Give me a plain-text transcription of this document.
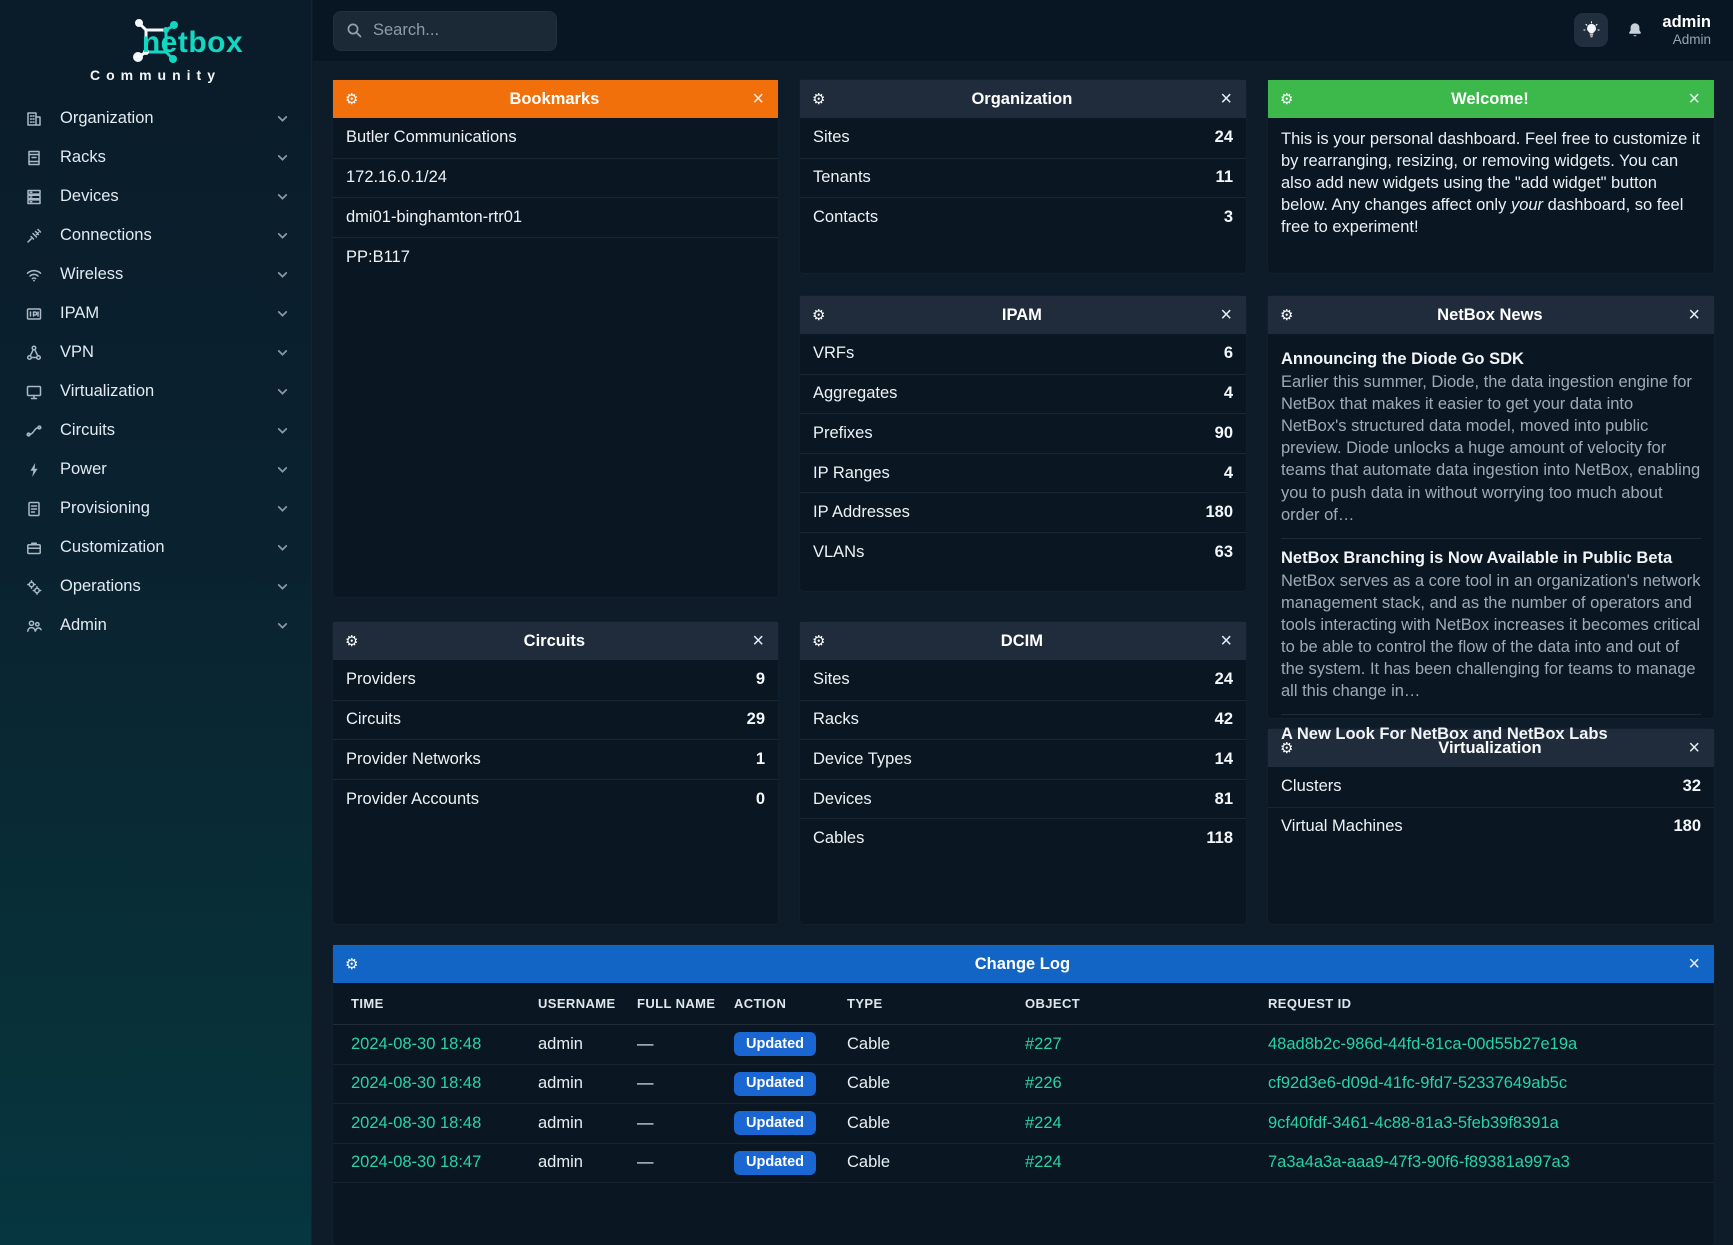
netbox
Community
Organization
Racks
Devices
Connections
Wireless
IPAM
VPN
Virtualization
Circuits
Power
Provisioning
Customization
Operations
Admin
Search...
admin
Admin
⚙	Bookmarks	×
Butler Communications
172.16.0.1/24
dmi01-binghamton-rtr01
PP:B117
⚙	Circuits	×
Providers	9
Circuits	29
Provider Networks	1
Provider Accounts	0
⚙	Organization	×
Sites	24
Tenants	11
Contacts	3
⚙	IPAM	×
VRFs	6
Aggregates	4
Prefixes	90
IP Ranges	4
IP Addresses	180
VLANs	63
⚙	DCIM	×
Sites	24
Racks	42
Device Types	14
Devices	81
Cables	118
⚙	Welcome!	×
This is your personal dashboard. Feel free to customize it by rearranging, resizing, or removing widgets. You can also add new widgets using the "add widget" button below. Any changes affect only your dashboard, so feel free to experiment!
⚙	NetBox News	×
Announcing the Diode Go SDK

Earlier this summer, Diode, the data ingestion engine for NetBox that makes it easier to get your data into NetBox's structured data model, moved into public preview. Diode unlocks a huge amount of velocity for teams that automate data ingestion into NetBox, enabling you to push data in without worrying too much about order of…

NetBox Branching is Now Available in Public Beta

NetBox serves as a core tool in an organization's network management stack, and as the number of operators and tools interacting with NetBox increases it becomes critical to be able to control the flow of the data into and out of the system. It has been challenging for teams to manage all this change in…

A New Look For NetBox and NetBox Labs
⚙	Virtualization	×
Clusters	32
Virtual Machines	180
⚙	Change Log	×
TIME	USERNAME	FULL NAME	ACTION	TYPE	OBJECT	REQUEST ID
2024-08-30 18:48	admin	—	Updated	Cable	#227	48ad8b2c-986d-44fd-81ca-00d55b27e19a
2024-08-30 18:48	admin	—	Updated	Cable	#226	cf92d3e6-d09d-41fc-9fd7-52337649ab5c
2024-08-30 18:48	admin	—	Updated	Cable	#224	9cf40fdf-3461-4c88-81a3-5feb39f8391a
2024-08-30 18:47	admin	—	Updated	Cable	#224	7a3a4a3a-aaa9-47f3-90f6-f89381a997a3
